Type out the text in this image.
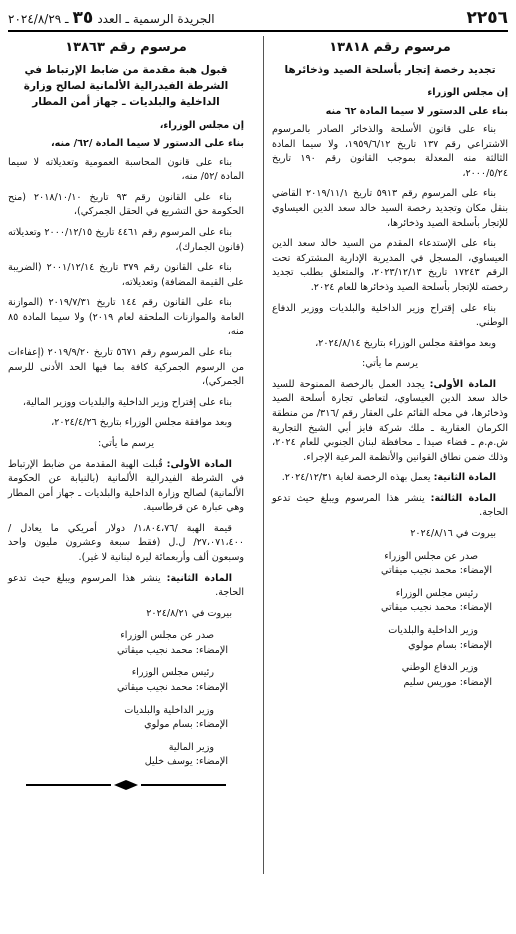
٢٢٥٦
الجريدة الرسمية ـ العدد
٣٥
ـ ٢٠٢٤/٨/٢٩
مرسوم رقم ١٣٨١٨
تجديد رخصة إتجار بأسلحة الصيد وذخائرها
إن مجلس الوزراء
بناء على الدستور لا سيما المادة ٦٢ منه

بناء على قانون الأسلحة والذخائر الصادر بالمرسوم الاشتراعي رقم ١٣٧ تاريخ ١٩٥٩/٦/١٢، ولا سيما المادة الثالثة منه المعدلة بموجب القانون رقم ١٩٠ تاريخ ٢٠٠٠/٥/٢٤،

بناء على المرسوم رقم ٥٩١٣ تاريخ ٢٠١٩/١١/١ القاضي بنقل مكان وتجديد رخصة السيد خالد سعد الدين العيساوي للإتجار بأسلحة الصيد وذخائرها،

بناء على الإستدعاء المقدم من السيد خالد سعد الدين العيساوي، المسجل في المديرية الإدارية المشتركة تحت الرقم ١٧٢٤٣ تاريخ ٢٠٢٣/١٢/١٣، والمتعلق بطلب تجديد رخصته للإتجار بأسلحة الصيد وذخائرها للعام ٢٠٢٤.

بناء على إقتراح وزير الداخلية والبلديات ووزير الدفاع الوطني.

وبعد موافقة مجلس الوزراء بتاريخ ٢٠٢٤/٨/١٤،

يرسم ما يأتي:

المادة الأولى: يجدد العمل بالرخصة الممنوحة للسيد خالد سعد الدين العيساوي، لتعاطي تجارة أسلحة الصيد وذخائرها، في محله القائم على العقار رقم /٣١٦/ من منطقة الكرمان العقارية ـ ملك شركة فايز أبي الشيخ التجارية ش.م.م ـ قضاء صيدا ـ محافظة لبنان الجنوبي للعام ٢٠٢٤، وذلك ضمن نطاق القوانين والأنظمة المرعية الإجراء.

المادة الثانية: يعمل بهذه الرخصة لغاية ٢٠٢٤/١٢/٣١.

المادة الثالثة: ينشر هذا المرسوم ويبلغ حيث تدعو الحاجة.

بيروت في ٢٠٢٤/٨/١٦
صدر عن مجلس الوزراء
الإمضاء: محمد نجيب ميقاتي
رئيس مجلس الوزراء
الإمضاء: محمد نجيب ميقاتي
وزير الداخلية والبلديات
الإمضاء: بسام مولوي
وزير الدفاع الوطني
الإمضاء: موريس سليم
مرسوم رقم ١٣٨٦٣
قبول هبة مقدمة من ضابط الإرتباط في الشرطة الفيدرالية الألمانية لصالح وزارة الداخلية والبلديات ـ جهاز أمن المطار
إن مجلس الوزراء،
بناء على الدستور لا سيما المادة /٦٢/ منه،

بناء على قانون المحاسبة العمومية وتعديلاته لا سيما المادة /٥٢/ منه،

بناء على القانون رقم ٩٣ تاريخ ٢٠١٨/١٠/١٠ (منح الحكومة حق التشريع في الحقل الجمركي)،

بناء على المرسوم رقم ٤٤٦١ تاريخ ٢٠٠٠/١٢/١٥ وتعديلاته (قانون الجمارك)،

بناء على القانون رقم ٣٧٩ تاريخ ٢٠٠١/١٢/١٤ (الضريبة على القيمة المضافة) وتعديلاته،

بناء على القانون رقم ١٤٤ تاريخ ٢٠١٩/٧/٣١ (الموازنة العامة والموازنات الملحقة لعام ٢٠١٩) ولا سيما المادة ٨٥ منه،

بناء على المرسوم رقم ٥٦٧١ تاريخ ٢٠١٩/٩/٢٠ (إعفاءات من الرسوم الجمركية كافة بما فيها الحد الأدنى للرسم الجمركي)،

بناء على إقتراح وزير الداخلية والبلديات ووزير المالية،

وبعد موافقة مجلس الوزراء بتاريخ ٢٠٢٤/٤/٢٦،

يرسم ما يأتي:

المادة الأولى: قُبلت الهبة المقدمة من ضابط الإرتباط في الشرطة الفيدرالية الألمانية (بالنيابة عن الحكومة الألمانية) لصالح وزارة الداخلية والبلديات ـ جهاز أمن المطار وهي عبارة عن قرطاسية.

قيمة الهبة /١،٨٠٤،٧٦/ دولار أمريكي ما يعادل /٢٧،٠٧١،٤٠٠/ ل.ل (فقط سبعة وعشرون مليون واحد وسبعون ألف وأربعمائة ليرة لبنانية لا غير).

المادة الثانية: ينشر هذا المرسوم ويبلغ حيث تدعو الحاجة.

بيروت في ٢٠٢٤/٨/٢١
صدر عن مجلس الوزراء
الإمضاء: محمد نجيب ميقاتي
رئيس مجلس الوزراء
الإمضاء: محمد نجيب ميقاتي
وزير الداخلية والبلديات
الإمضاء: بسام مولوي
وزير المالية
الإمضاء: يوسف خليل
